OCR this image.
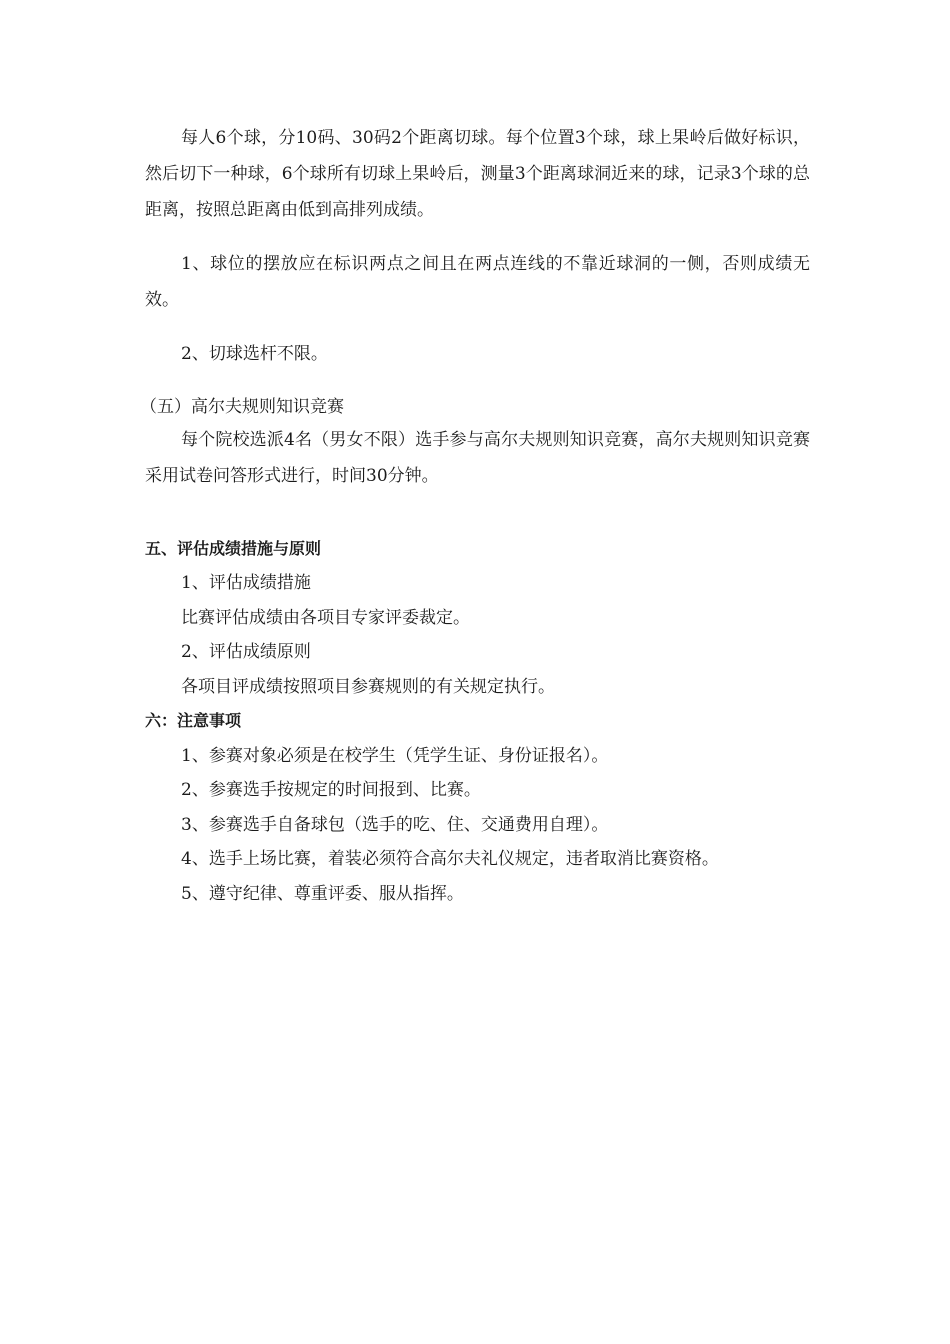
每人6个球，分10码、30码2个距离切球。每个位置3个球，球上果岭后做好标识，然后切下一种球，6个球所有切球上果岭后，测量3个距离球洞近来的球，记录3个球的总距离，按照总距离由低到高排列成绩。

1、球位的摆放应在标识两点之间且在两点连线的不靠近球洞的一侧，否则成绩无效。

2、切球选杆不限。

（五）高尔夫规则知识竞赛

每个院校选派4名（男女不限）选手参与高尔夫规则知识竞赛，高尔夫规则知识竞赛采用试卷问答形式进行，时间30分钟。

五、评估成绩措施与原则

1、评估成绩措施

比赛评估成绩由各项目专家评委裁定。

2、评估成绩原则

各项目评成绩按照项目参赛规则的有关规定执行。

六：注意事项

1、参赛对象必须是在校学生（凭学生证、身份证报名）。

2、参赛选手按规定的时间报到、比赛。

3、参赛选手自备球包（选手的吃、住、交通费用自理）。

4、选手上场比赛，着装必须符合高尔夫礼仪规定，违者取消比赛资格。

5、遵守纪律、尊重评委、服从指挥。
